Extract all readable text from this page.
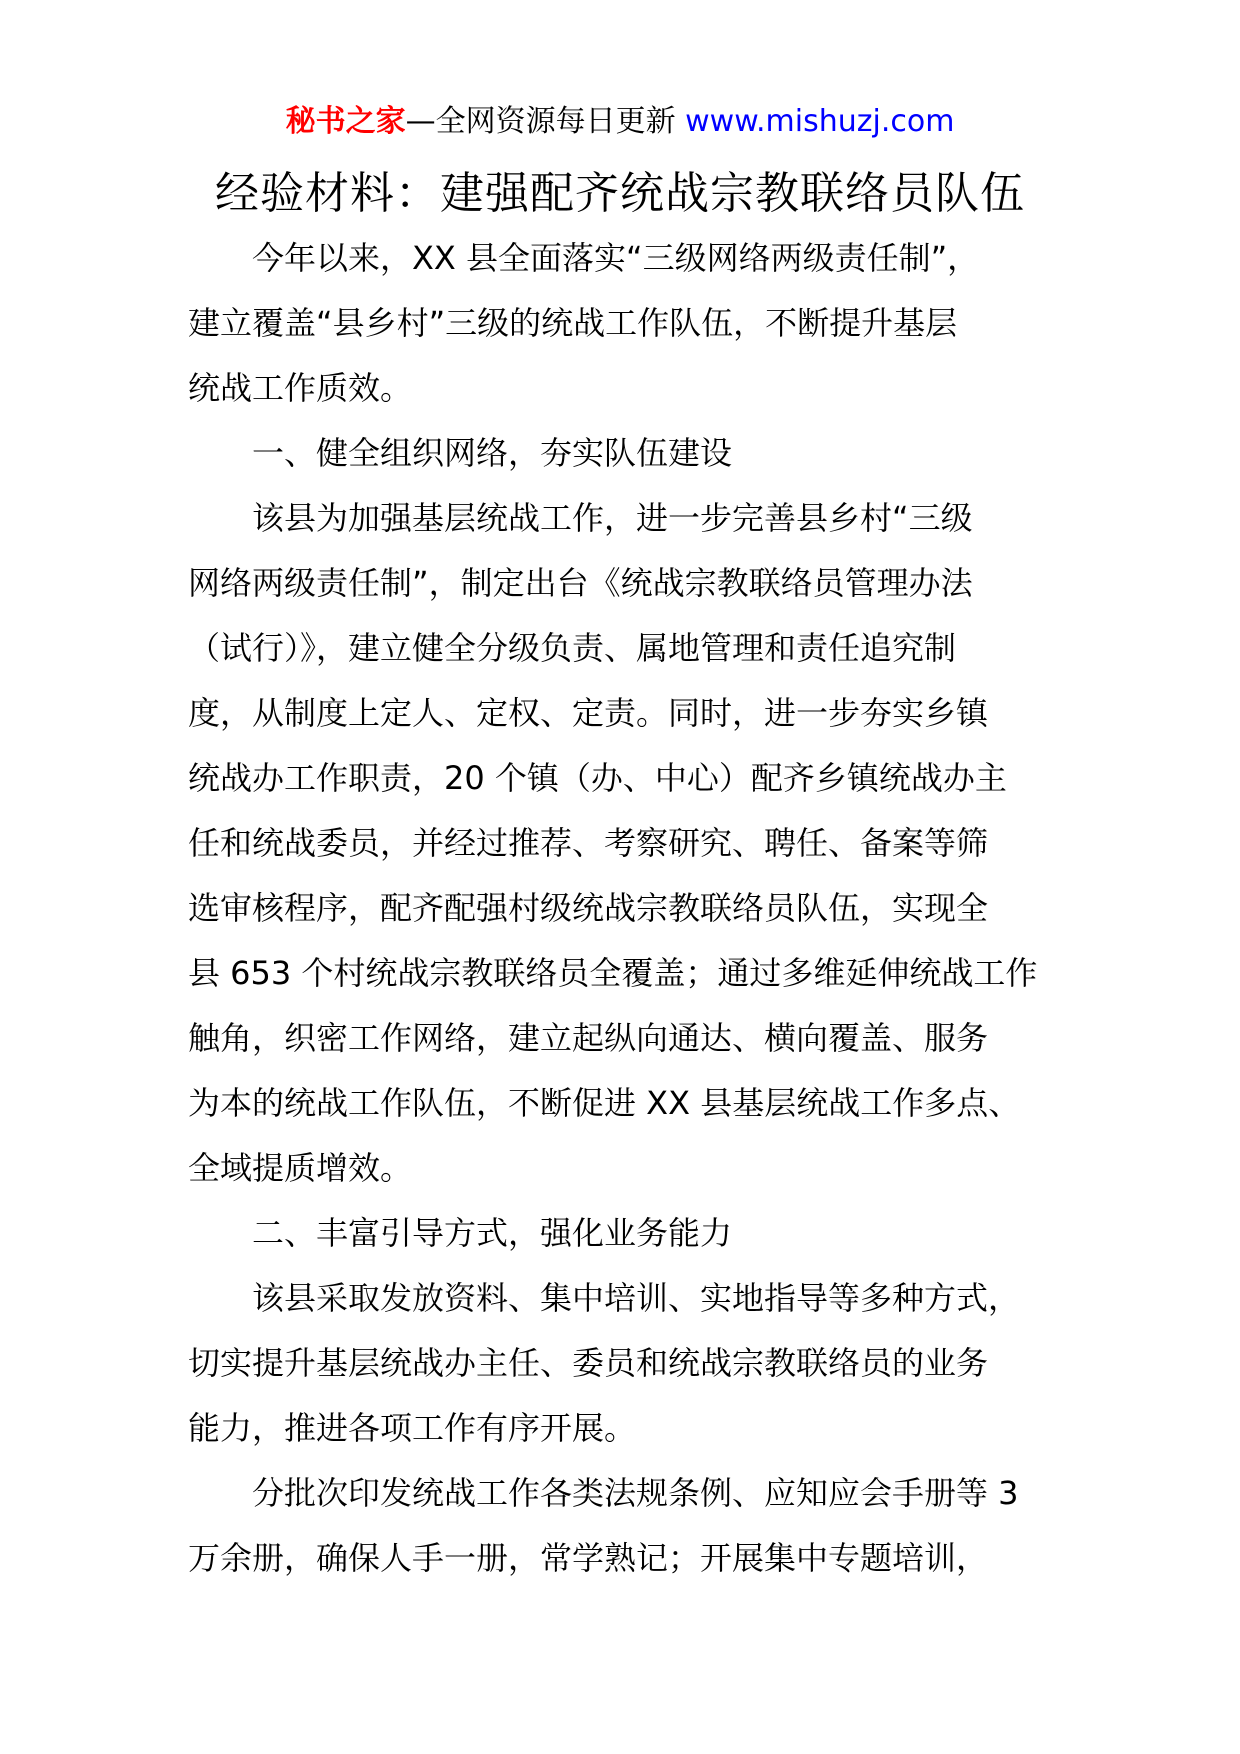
秘书之家—全网资源每日更新 www.mishuzj.com
经验材料：建强配齐统战宗教联络员队伍
今年以来，XX 县全面落实“三级网络两级责任制”，
建立覆盖“县乡村”三级的统战工作队伍，不断提升基层
统战工作质效。
一、健全组织网络，夯实队伍建设
该县为加强基层统战工作，进一步完善县乡村“三级
网络两级责任制”，制定出台《统战宗教联络员管理办法
（试行）》，建立健全分级负责、属地管理和责任追究制
度，从制度上定人、定权、定责。同时，进一步夯实乡镇
统战办工作职责，20 个镇（办、中心）配齐乡镇统战办主
任和统战委员，并经过推荐、考察研究、聘任、备案等筛
选审核程序，配齐配强村级统战宗教联络员队伍，实现全
县 653 个村统战宗教联络员全覆盖；通过多维延伸统战工作
触角，织密工作网络，建立起纵向通达、横向覆盖、服务
为本的统战工作队伍，不断促进 XX 县基层统战工作多点、
全域提质增效。
二、丰富引导方式，强化业务能力
该县采取发放资料、集中培训、实地指导等多种方式，
切实提升基层统战办主任、委员和统战宗教联络员的业务
能力，推进各项工作有序开展。
分批次印发统战工作各类法规条例、应知应会手册等 3
万余册，确保人手一册，常学熟记；开展集中专题培训，
